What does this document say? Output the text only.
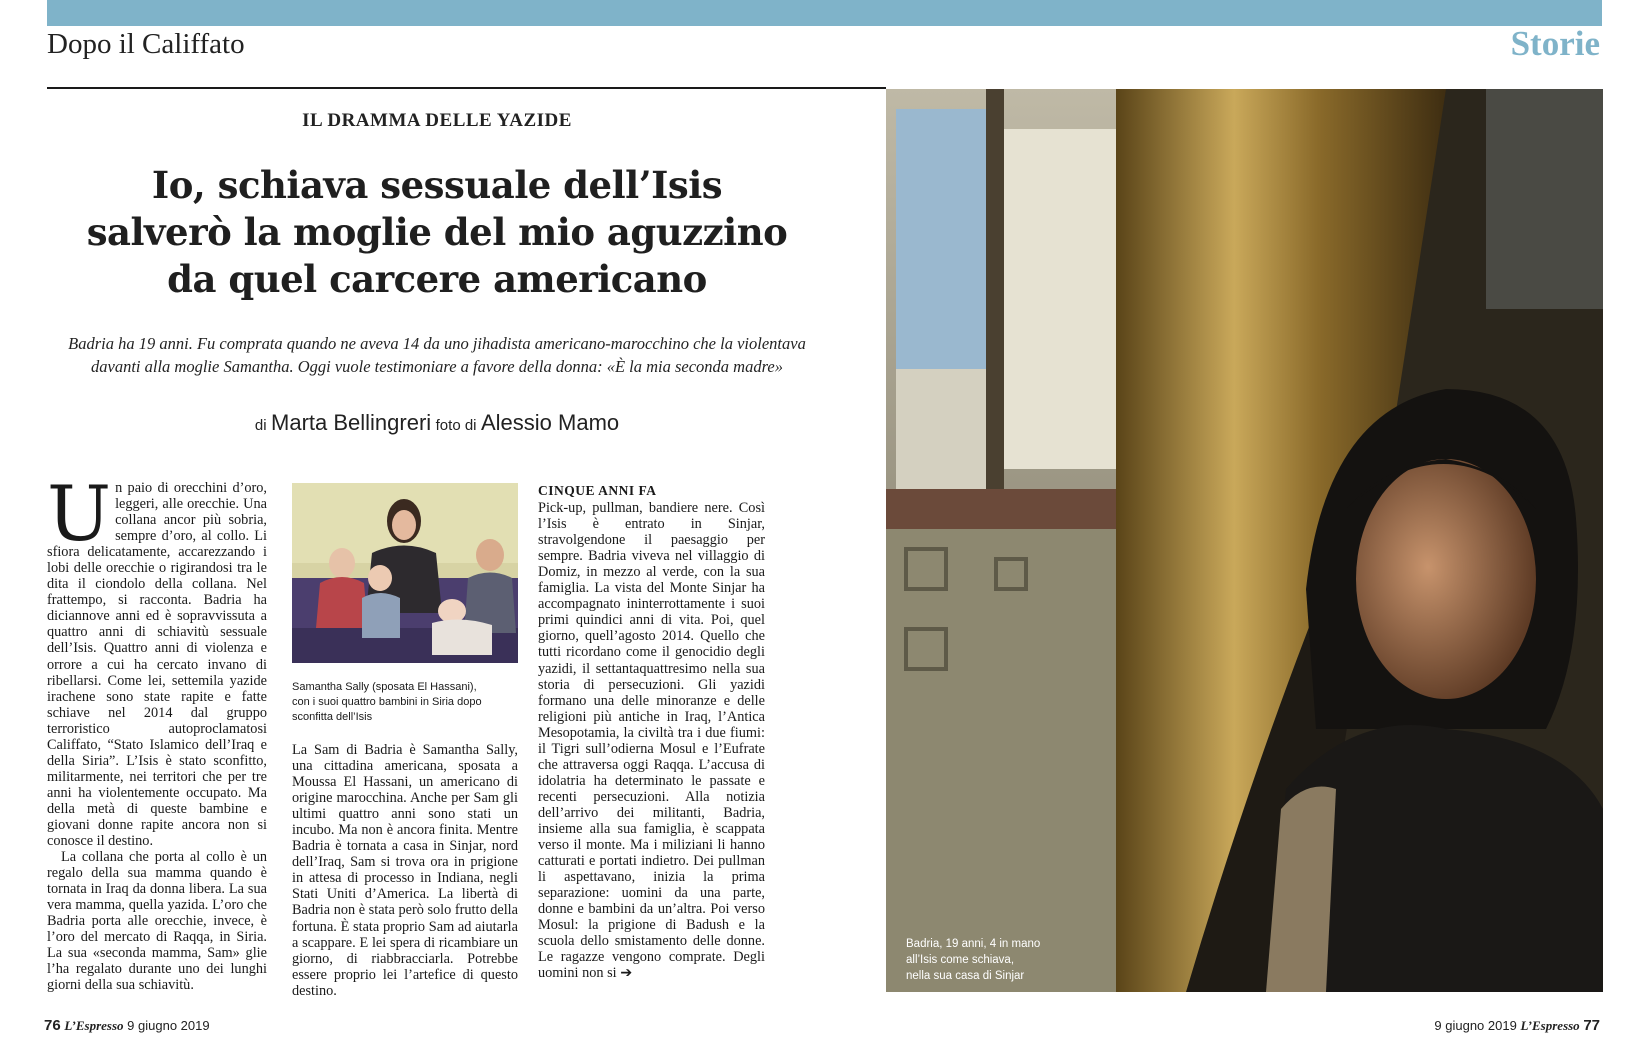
Dopo il Califfato	Storie
IL DRAMMA DELLE YAZIDE
Io, schiava sessuale dell’Isis
salverò la moglie del mio aguzzino
da quel carcere americano
Badria ha 19 anni. Fu comprata quando ne aveva 14 da uno jihadista americano-marocchino che la violentava
davanti alla moglie Samantha. Oggi vuole testimoniare a favore della donna: «È la mia seconda madre»
di Marta Bellingreri foto di Alessio Mamo

Un paio di orecchini d’oro, leggeri, alle orecchie. Una collana ancor più sobria, sempre d’oro, al collo. Li sfiora delicatamente, accarezzando i lobi delle orecchie o rigirandosi tra le dita il ciondolo della collana. Nel frattempo, si racconta. Badria ha diciannove anni ed è sopravvissuta a quattro anni di schiavitù sessuale dell’Isis. Quattro anni di violenza e orrore a cui ha cercato invano di ribellarsi. Come lei, settemila yazide irachene sono state rapite e fatte schiave nel 2014 dal gruppo terroristico autoproclamatosi Califfato, “Stato Islamico dell’Iraq e della Siria”. L’Isis è stato sconfitto, militarmente, nei territori che per tre anni ha violentemente occupato. Ma della metà di queste bambine e giovani donne rapite ancora non si conosce il destino.

La collana che porta al collo è un regalo della sua mamma quando è tornata in Iraq da donna libera. La sua vera mamma, quella yazida. L’oro che Badria porta alle orecchie, invece, è l’oro del mercato di Raqqa, in Siria. La sua «seconda mamma, Sam» glie l’ha regalato durante uno dei lunghi giorni della sua schiavitù.

Samantha Sally (sposata El Hassani),
con i suoi quattro bambini in Siria dopo
sconfitta dell’Isis

La Sam di Badria è Samantha Sally, una cittadina americana, sposata a Moussa El Hassani, un americano di origine marocchina. Anche per Sam gli ultimi quattro anni sono stati un incubo. Ma non è ancora finita. Mentre Badria è tornata a casa in Sinjar, nord dell’Iraq, Sam si trova ora in prigione in attesa di processo in Indiana, negli Stati Uniti d’America. La libertà di Badria non è stata però solo frutto della fortuna. È stata proprio Sam ad aiutarla a scappare. E lei spera di ricambiare un giorno, di riabbracciarla. Potrebbe essere proprio lei l’artefice di questo destino.

CINQUE ANNI FA

Pick-up, pullman, bandiere nere. Così l’Isis è entrato in Sinjar, stravolgendone il paesaggio per sempre. Badria viveva nel villaggio di Domiz, in mezzo al verde, con la sua famiglia. La vista del Monte Sinjar ha accompagnato ininterrottamente i suoi primi quindici anni di vita. Poi, quel giorno, quell’agosto 2014. Quello che tutti ricordano come il genocidio degli yazidi, il settantaquattresimo nella sua storia di persecuzioni. Gli yazidi formano una delle minoranze e delle religioni più antiche in Iraq, l’Antica Mesopotamia, la civiltà tra i due fiumi: il Tigri sull’odierna Mosul e l’Eufrate che attraversa oggi Raqqa. L’accusa di idolatria ha determinato le passate e recenti persecuzioni. Alla notizia dell’arrivo dei militanti, Badria, insieme alla sua famiglia, è scappata verso il monte. Ma i miliziani li hanno catturati e portati indietro. Dei pullman li aspettavano, inizia la prima separazione: uomini da una parte, donne e bambini da un’altra. Poi verso Mosul: la prigione di Badush e la scuola dello smistamento delle donne. Le ragazze vengono comprate. Degli uomini non si ➔

Badria, 19 anni, 4 in mano
all’Isis come schiava,
nella sua casa di Sinjar
76 L’Espresso 9 giugno 2019	9 giugno 2019 L’Espresso 77
